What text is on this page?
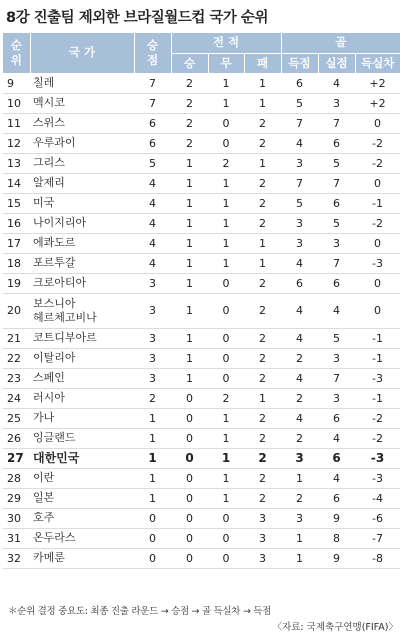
8강 진출팀 제외한 브라질월드컵 국가 순위
순위	국 가	승점	전 적			골		
			승	무	패	득점	실점	득실차
9	칠레	7	2	1	1	6	4	+2
10	멕시코	7	2	1	1	5	3	+2
11	스위스	6	2	0	2	7	7	0
12	우루과이	6	2	0	2	4	6	-2
13	그리스	5	1	2	1	3	5	-2
14	알제리	4	1	1	2	7	7	0
15	미국	4	1	1	2	5	6	-1
16	나이지리아	4	1	1	2	3	5	-2
17	에콰도르	4	1	1	1	3	3	0
18	포르투갈	4	1	1	1	4	7	-3
19	크로아티아	3	1	0	2	6	6	0
20	보스니아
헤르체고비나	3	1	0	2	4	4	0
21	코트디부아르	3	1	0	2	4	5	-1
22	이탈리아	3	1	0	2	2	3	-1
23	스페인	3	1	0	2	4	7	-3
24	러시아	2	0	2	1	2	3	-1
25	가나	1	0	1	2	4	6	-2
26	잉글랜드	1	0	1	2	2	4	-2
27	대한민국	1	0	1	2	3	6	-3
28	이란	1	0	1	2	1	4	-3
29	일본	1	0	1	2	2	6	-4
30	호주	0	0	0	3	3	9	-6
31	온두라스	0	0	0	3	1	8	-7
32	카메룬	0	0	0	3	1	9	-8
＊순위 결정 중요도: 최종 진출 라운드 → 승점 → 골 득실차 → 득점
〈자료: 국제축구연맹(FIFA)〉
